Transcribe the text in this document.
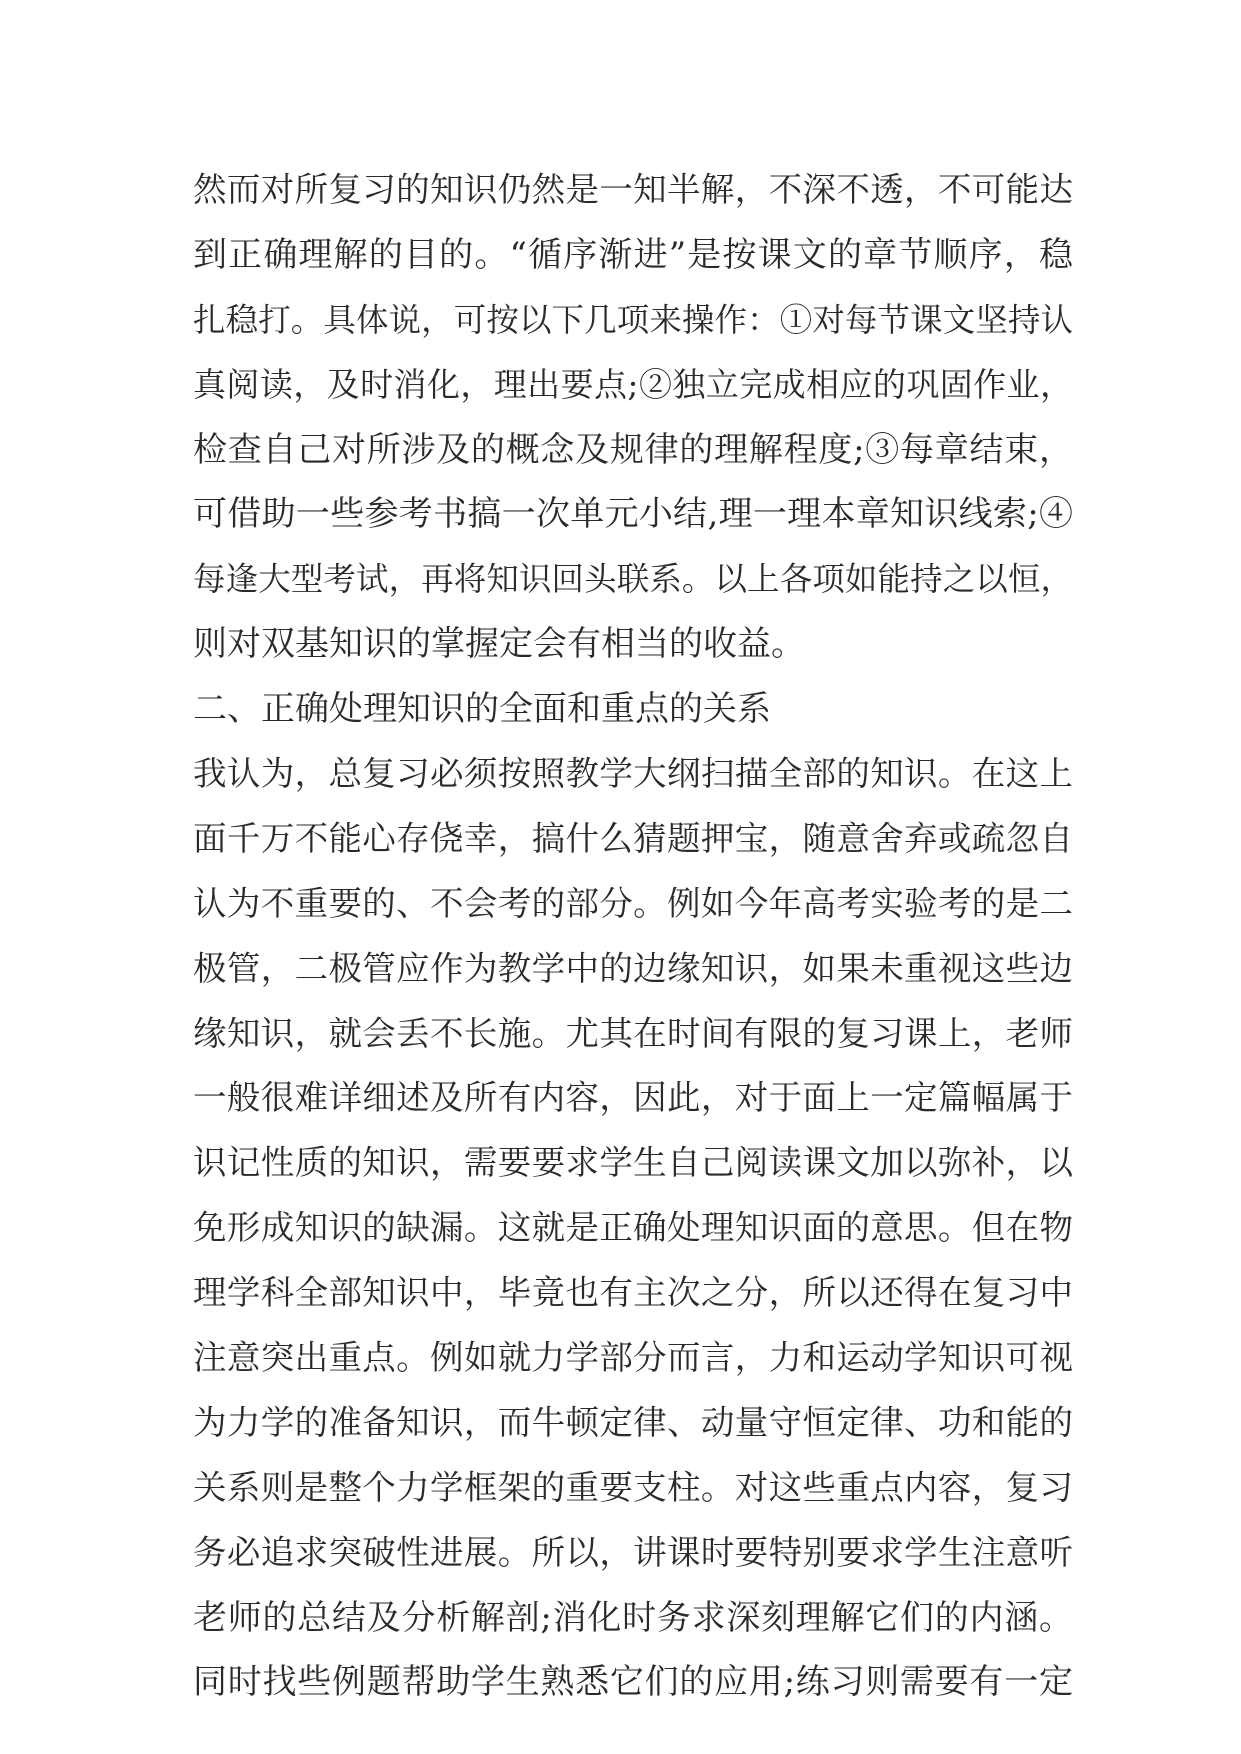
然而对所复习的知识仍然是一知半解，不深不透，不可能达
到正确理解的目的。“循序渐进”是按课文的章节顺序，稳
扎稳打。具体说，可按以下几项来操作：①对每节课文坚持认
真阅读，及时消化，理出要点;②独立完成相应的巩固作业，
检查自己对所涉及的概念及规律的理解程度;③每章结束，
可借助一些参考书搞一次单元小结,理一理本章知识线索;④
每逢大型考试，再将知识回头联系。以上各项如能持之以恒，
则对双基知识的掌握定会有相当的收益。
二、正确处理知识的全面和重点的关系
我认为，总复习必须按照教学大纲扫描全部的知识。在这上
面千万不能心存侥幸，搞什么猜题押宝，随意舍弃或疏忽自
认为不重要的、不会考的部分。例如今年高考实验考的是二
极管，二极管应作为教学中的边缘知识，如果未重视这些边
缘知识，就会丢不长施。尤其在时间有限的复习课上，老师
一般很难详细述及所有内容，因此，对于面上一定篇幅属于
识记性质的知识，需要要求学生自己阅读课文加以弥补，以
免形成知识的缺漏。这就是正确处理知识面的意思。但在物
理学科全部知识中，毕竟也有主次之分，所以还得在复习中
注意突出重点。例如就力学部分而言，力和运动学知识可视
为力学的准备知识，而牛顿定律、动量守恒定律、功和能的
关系则是整个力学框架的重要支柱。对这些重点内容，复习
务必追求突破性进展。所以，讲课时要特别要求学生注意听
老师的总结及分析解剖;消化时务求深刻理解它们的内涵。
同时找些例题帮助学生熟悉它们的应用;练习则需要有一定
